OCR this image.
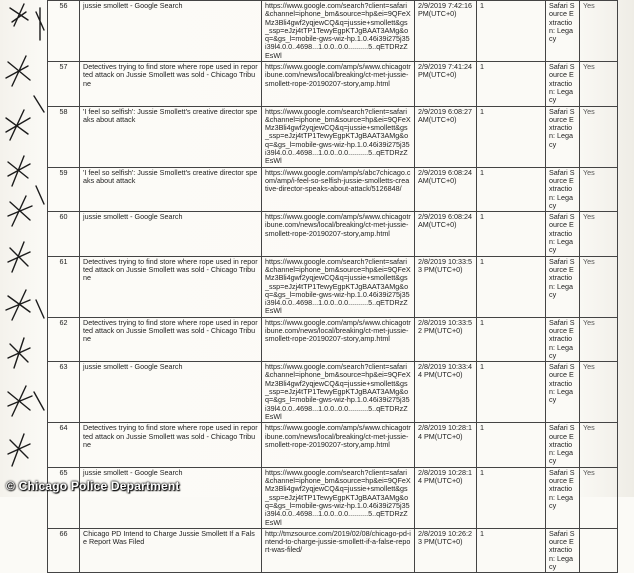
56	jussie smollett - Google Search	https://www.google.com/search?client=safari&channel=iphone_bm&source=hp&ei=9QFeXMz3Bli4gwf2yqjewCQ&q=jussie+smollett&gs_ssp=eJzj4tTP1TewyEgpKTJgBAAT3AMg&oq=&gs_l=mobile-gws-wiz-hp.1.0.46i39i275j35i39l4.0.0..4698...1.0.0..0.0..........5..qETDRzZEsWl	2/9/2019 7:42:16 PM(UTC+0)	1	Safari Source Extraction: Legacy	Yes
57	Detectives trying to find store where rope used in reported attack on Jussie Smollett was sold - Chicago Tribune	https://www.google.com/amp/s/www.chicagotribune.com/news/local/breaking/ct-met-jussie-smollett-rope-20190207-story,amp.html	2/9/2019 7:41:24 PM(UTC+0)	1	Safari Source Extraction: Legacy	Yes
58	'I feel so selfish': Jussie Smollett's creative director speaks about attack	https://www.google.com/search?client=safari&channel=iphone_bm&source=hp&ei=9QFeXMz3Bli4gwf2yqjewCQ&q=jussie+smollett&gs_ssp=eJzj4tTP1TewyEgpKTJgBAAT3AMg&oq=&gs_l=mobile-gws-wiz-hp.1.0.46i39i275j35i39l4.0.0..4698...1.0.0..0.0..........5..qETDRzZEsWl	2/9/2019 6:08:27 AM(UTC+0)	1	Safari Source Extraction: Legacy	Yes
59	'I feel so selfish': Jussie Smollett's creative director speaks about attack	https://www.google.com/amp/s/abc7chicago.com/amp/i-feel-so-selfish-jussie-smolletts-creative-director-speaks-about-attack/5126848/	2/9/2019 6:08:24 AM(UTC+0)	1	Safari Source Extraction: Legacy	Yes
60	jussie smollett - Google Search	https://www.google.com/amp/s/www.chicagotribune.com/news/local/breaking/ct-met-jussie-smollett-rope-20190207-story,amp.html	2/9/2019 6:08:24 AM(UTC+0)	1	Safari Source Extraction: Legacy	Yes
61	Detectives trying to find store where rope used in reported attack on Jussie Smollett was sold - Chicago Tribune	https://www.google.com/search?client=safari&channel=iphone_bm&source=hp&ei=9QFeXMz3Bli4gwf2yqjewCQ&q=jussie+smollett&gs_ssp=eJzj4tTP1TewyEgpKTJgBAAT3AMg&oq=&gs_l=mobile-gws-wiz-hp.1.0.46i39i275j35i39l4.0.0..4698...1.0.0..0.0..........5..qETDRzZEsWl	2/8/2019 10:33:53 PM(UTC+0)	1	Safari Source Extraction: Legacy	Yes
62	Detectives trying to find store where rope used in reported attack on Jussie Smollett was sold - Chicago Tribune	https://www.google.com/amp/s/www.chicagotribune.com/news/local/breaking/ct-met-jussie-smollett-rope-20190207-story,amp.html	2/8/2019 10:33:52 PM(UTC+0)	1	Safari Source Extraction: Legacy	Yes
63	jussie smollett - Google Search	https://www.google.com/search?client=safari&channel=iphone_bm&source=hp&ei=9QFeXMz3Bli4gwf2yqjewCQ&q=jussie+smollett&gs_ssp=eJzj4tTP1TewyEgpKTJgBAAT3AMg&oq=&gs_l=mobile-gws-wiz-hp.1.0.46i39i275j35i39l4.0.0..4698...1.0.0..0.0..........5..qETDRzZEsWl	2/8/2019 10:33:44 PM(UTC+0)	1	Safari Source Extraction: Legacy	Yes
64	Detectives trying to find store where rope used in reported attack on Jussie Smollett was sold - Chicago Tribune	https://www.google.com/amp/s/www.chicagotribune.com/news/local/breaking/ct-met-jussie-smollett-rope-20190207-story,amp.html	2/8/2019 10:28:14 PM(UTC+0)	1	Safari Source Extraction: Legacy	Yes
65	jussie smollett - Google Search	https://www.google.com/search?client=safari&channel=iphone_bm&source=hp&ei=9QFeXMz3Bli4gwf2yqjewCQ&q=jussie+smollett&gs_ssp=eJzj4tTP1TewyEgpKTJgBAAT3AMg&oq=&gs_l=mobile-gws-wiz-hp.1.0.46i39i275j35i39l4.0.0..4698...1.0.0..0.0..........5..qETDRzZEsWl	2/8/2019 10:28:14 PM(UTC+0)	1	Safari Source Extraction: Legacy	Yes
66	Chicago PD Intend to Charge Jussie Smollett If a False Report Was Filed	http://tmzsource.com/2019/02/08/chicago-pd-intend-to-charge-jussie-smollett-if-a-false-report-was-filed/	2/8/2019 10:26:23 PM(UTC+0)	1	Safari Source Extraction: Legacy	
© Chicago Police Department
